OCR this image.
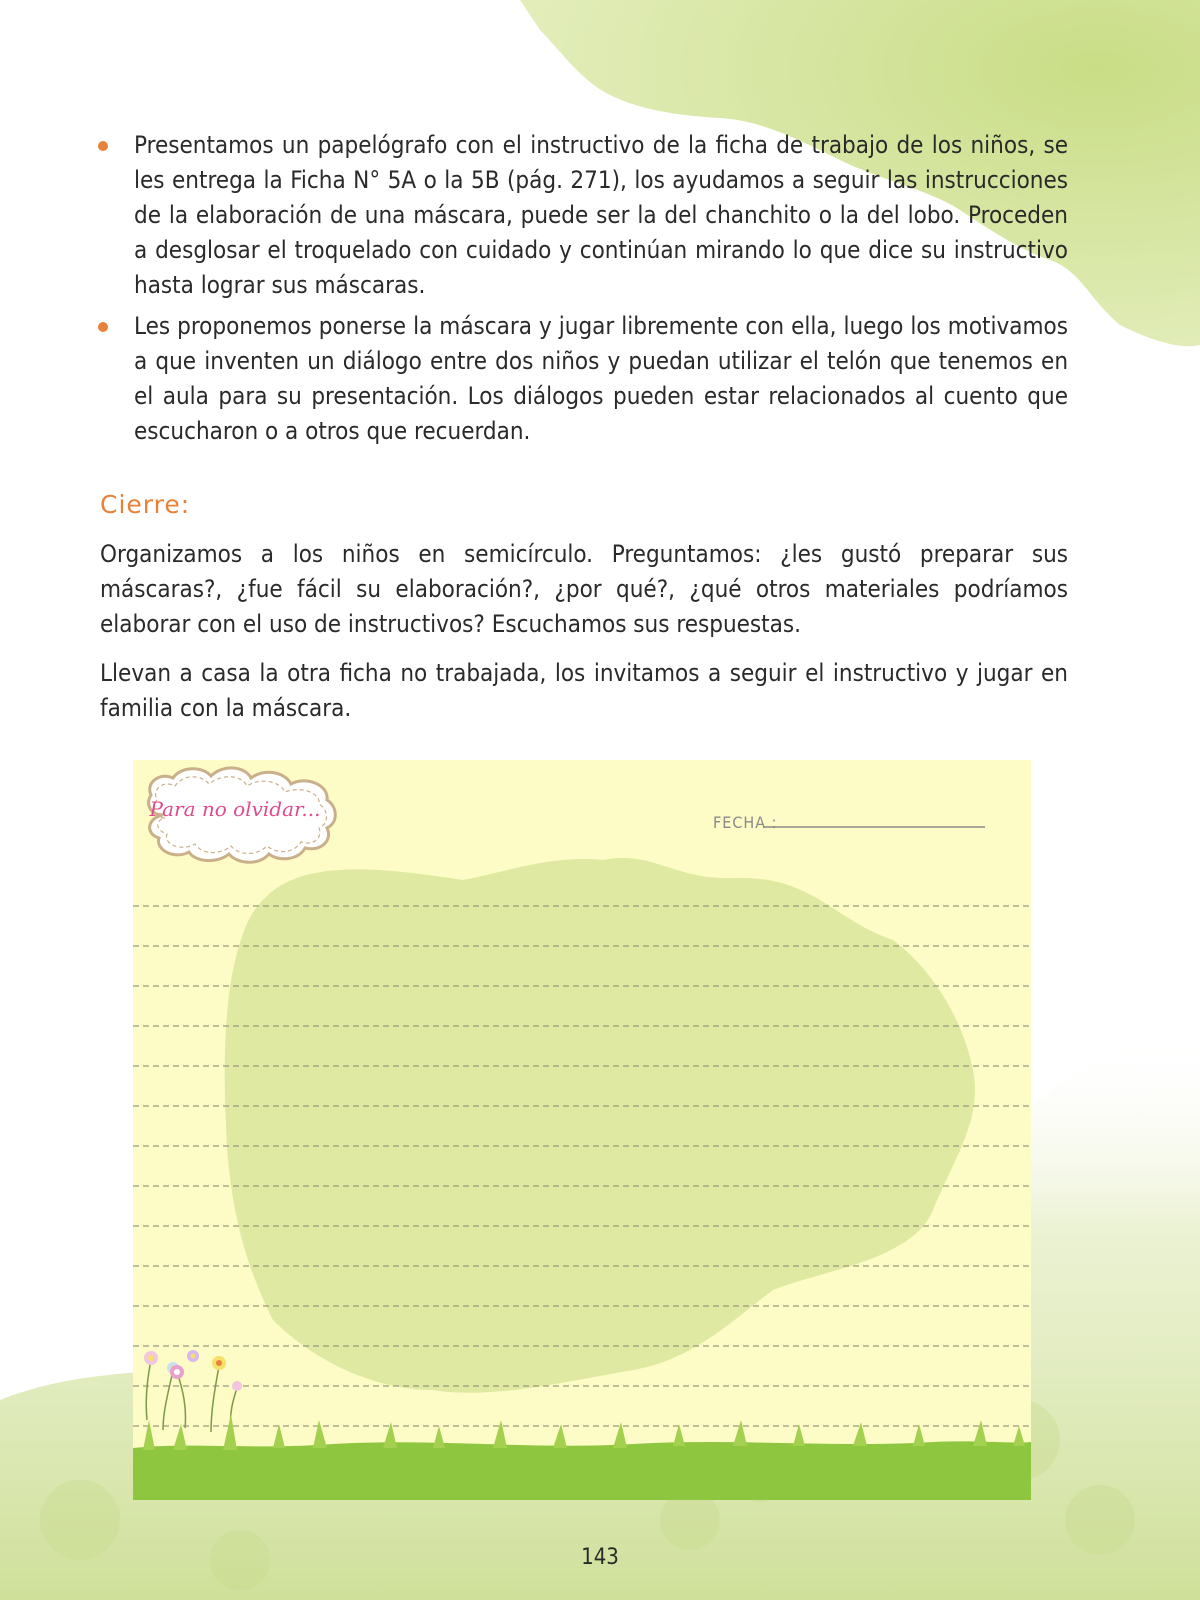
Presentamos un papelógrafo con el instructivo de la ficha de trabajo de los niños, se les entrega la Ficha N° 5A o la 5B (pág. 271), los ayudamos a seguir las instrucciones de la elaboración de una máscara, puede ser la del chanchito o la del lobo. Proceden a desglosar el troquelado con cuidado y continúan mirando lo que dice su instructivo hasta lograr sus máscaras.
Les proponemos ponerse la máscara y jugar libremente con ella, luego los motivamos a que inventen un diálogo entre dos niños y puedan utilizar el telón que tenemos en el aula para su presentación. Los diálogos pueden estar relacionados al cuento que escucharon o a otros que recuerdan.
Cierre:

Organizamos a los niños en semicírculo. Preguntamos: ¿les gustó preparar sus máscaras?, ¿fue fácil su elaboración?, ¿por qué?, ¿qué otros materiales podríamos elaborar con el uso de instructivos? Escuchamos sus respuestas.

Llevan a casa la otra ficha no trabajada, los invitamos a seguir el instructivo y jugar en familia con la máscara.

Para no olvidar...
FECHA :
143
